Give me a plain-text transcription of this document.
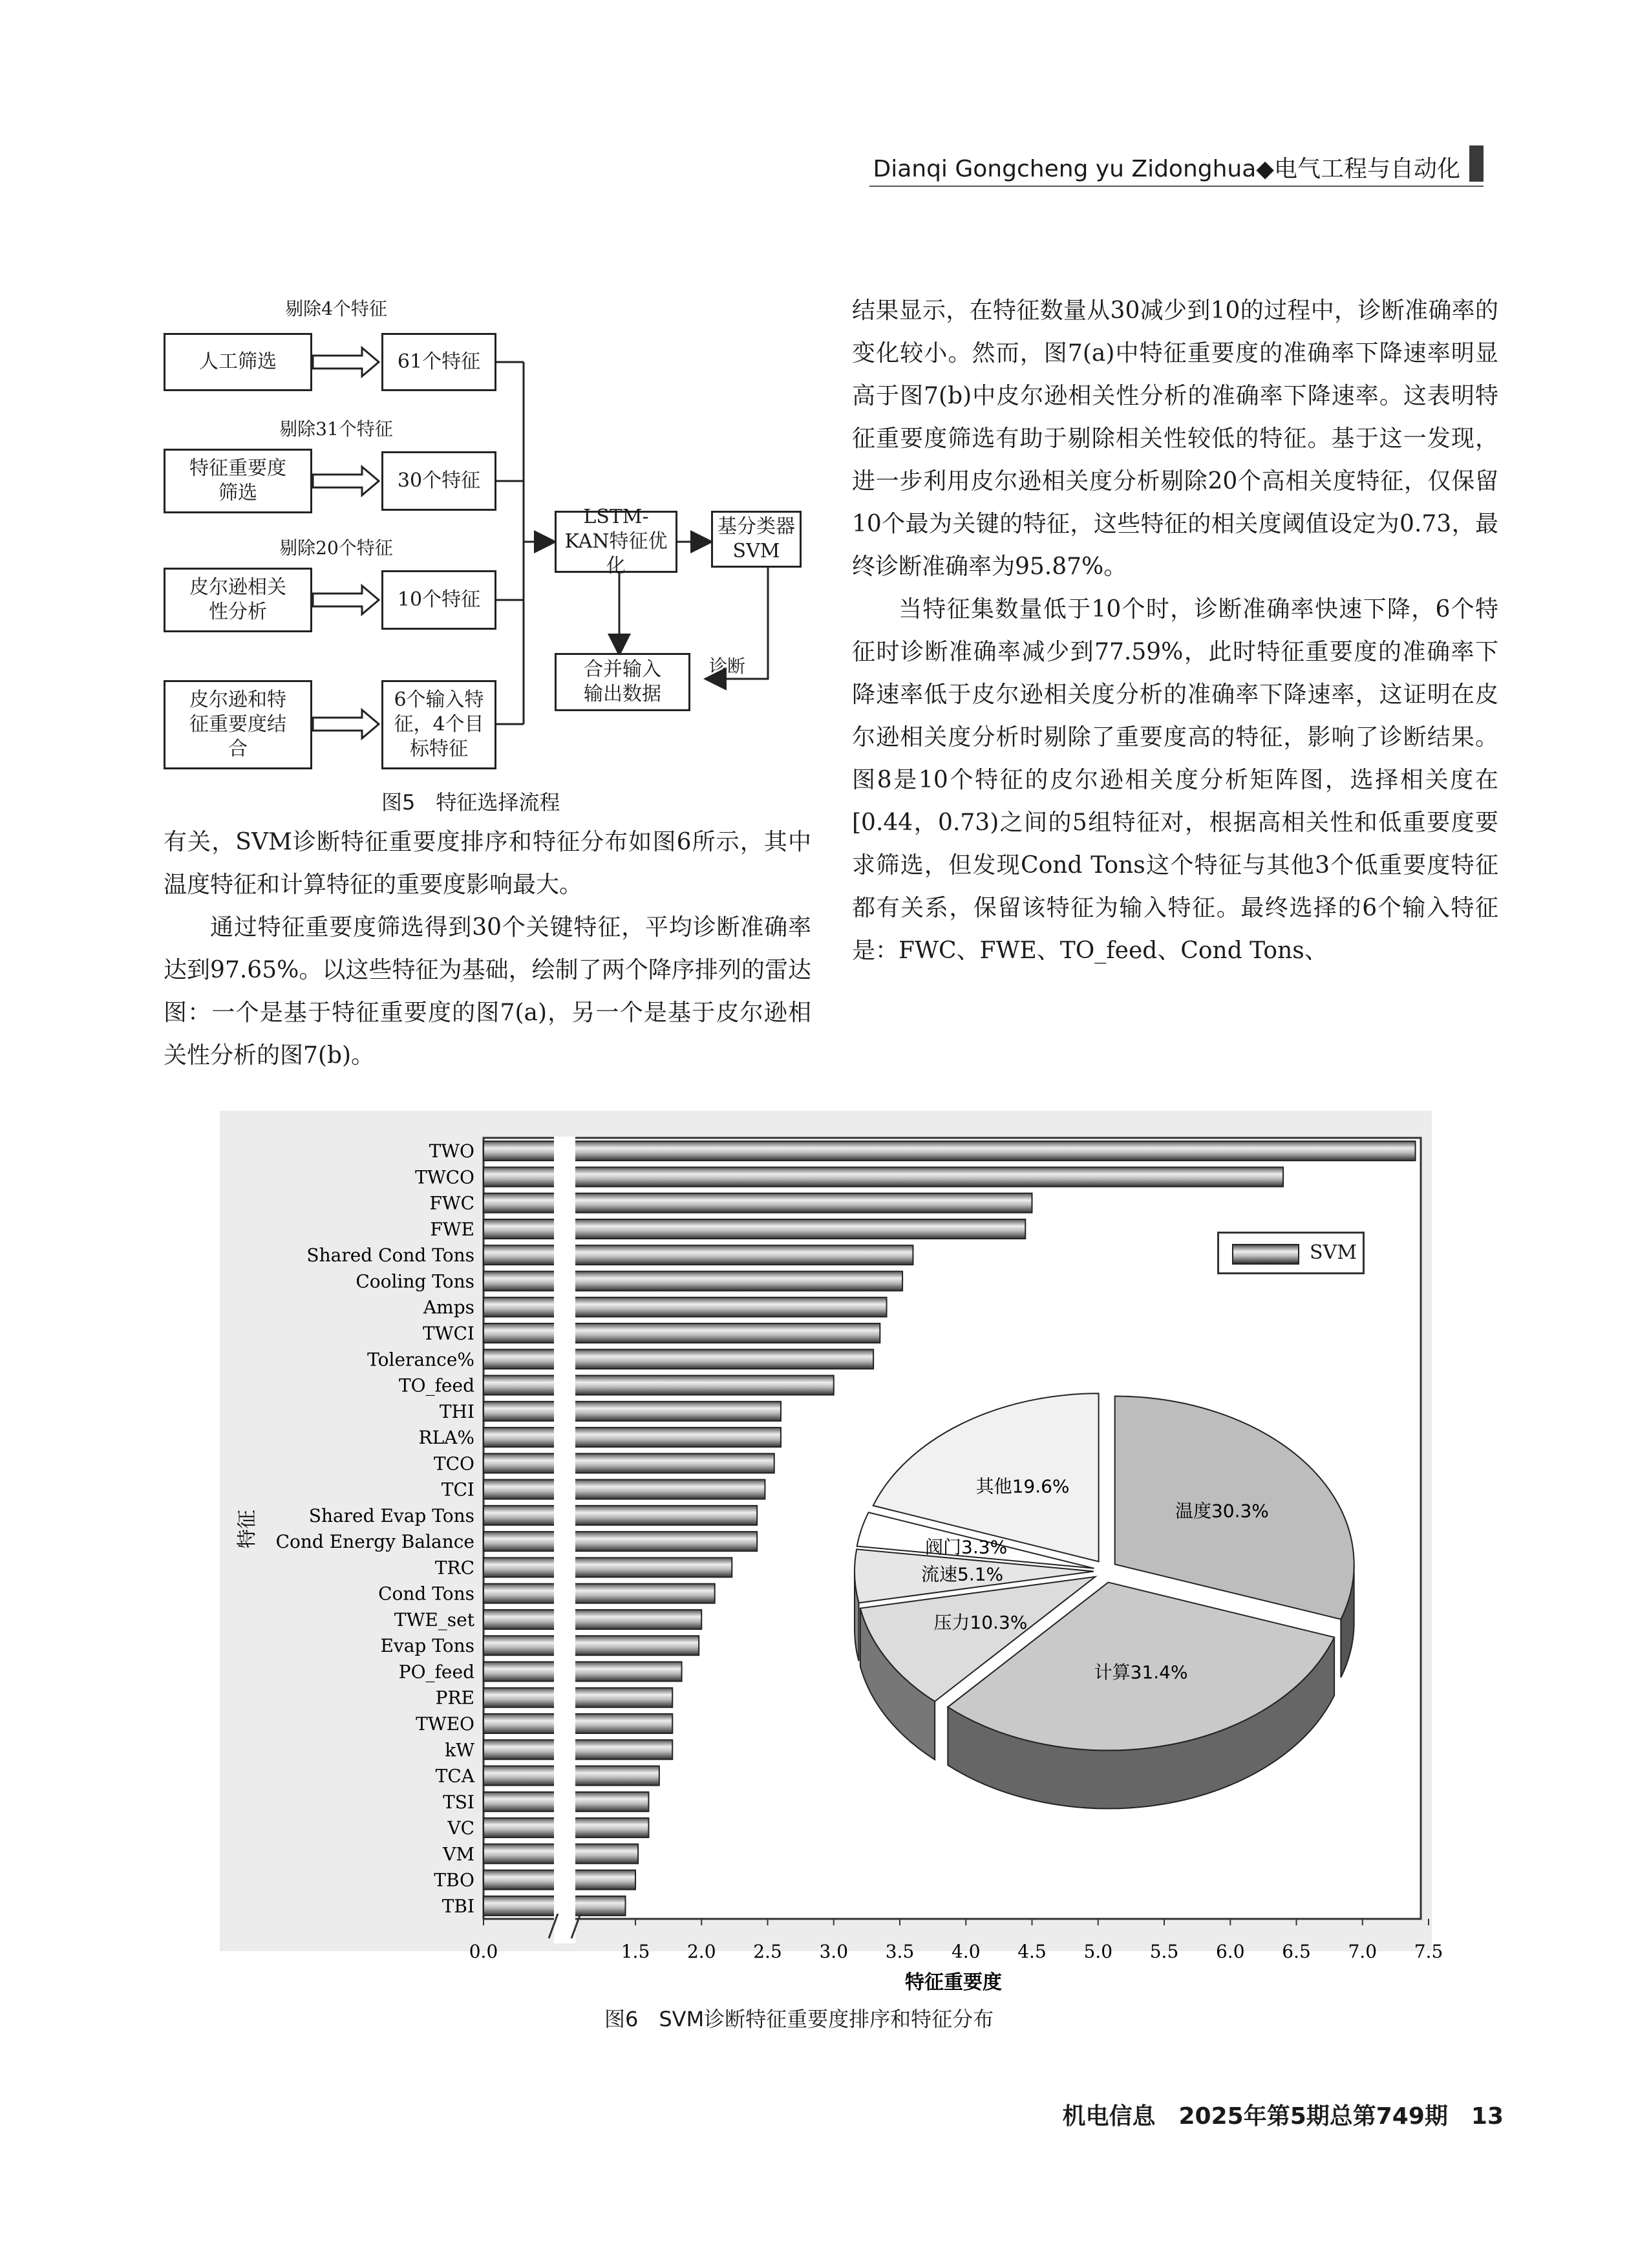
Dianqi Gongcheng yu Zidonghua◆电气工程与自动化
剔除4个特征
剔除31个特征
剔除20个特征
诊断
人工筛选
特征重要度筛选
皮尔逊相关性分析
皮尔逊和特征重要度结合
61个特征
30个特征
10个特征
6个输入特征，4个目标特征
LSTM-KAN特征优化
基分类器SVM
合并输入输出数据
图5　特征选择流程

有关，SVM诊断特征重要度排序和特征分布如图6所示，其中温度特征和计算特征的重要度影响最大。

通过特征重要度筛选得到30个关键特征，平均诊断准确率达到97.65%。以这些特征为基础，绘制了两个降序排列的雷达图：一个是基于特征重要度的图7(a)，另一个是基于皮尔逊相关性分析的图7(b)。

结果显示，在特征数量从30减少到10的过程中，诊断准确率的变化较小。然而，图7(a)中特征重要度的准确率下降速率明显高于图7(b)中皮尔逊相关性分析的准确率下降速率。这表明特征重要度筛选有助于剔除相关性较低的特征。基于这一发现，进一步利用皮尔逊相关度分析剔除20个高相关度特征，仅保留10个最为关键的特征，这些特征的相关度阈值设定为0.73，最终诊断准确率为95.87%。

当特征集数量低于10个时，诊断准确率快速下降，6个特征时诊断准确率减少到77.59%，此时特征重要度的准确率下降速率低于皮尔逊相关度分析的准确率下降速率，这证明在皮尔逊相关度分析时剔除了重要度高的特征，影响了诊断结果。图8是10个特征的皮尔逊相关度分析矩阵图，选择相关度在[0.44，0.73)之间的5组特征对，根据高相关性和低重要度要求筛选，但发现Cond Tons这个特征与其他3个低重要度特征都有关系，保留该特征为输入特征。最终选择的6个输入特征是：FWC、FWE、TO_feed、Cond Tons、

TWO
TWCO
FWC
FWE
Shared Cond Tons
Cooling Tons
Amps
TWCI
Tolerance%
TO_feed
THI
RLA%
TCO
TCI
Shared Evap Tons
Cond Energy Balance
TRC
Cond Tons
TWE_set
Evap Tons
PO_feed
PRE
TWEO
kW
TCA
TSI
VC
VM
TBO
TBI
0.0	1.5 2.0 2.5 3.0 3.5 4.0 4.5 5.0 5.5 6.0 6.5 7.0 7.5
特征重要度
特征	温度30.3%
计算31.4%
压力10.3%
流速5.1%
阀门3.3%
其他19.6%
SVM
图6　SVM诊断特征重要度排序和特征分布
机电信息　2025年第5期总第749期　13
